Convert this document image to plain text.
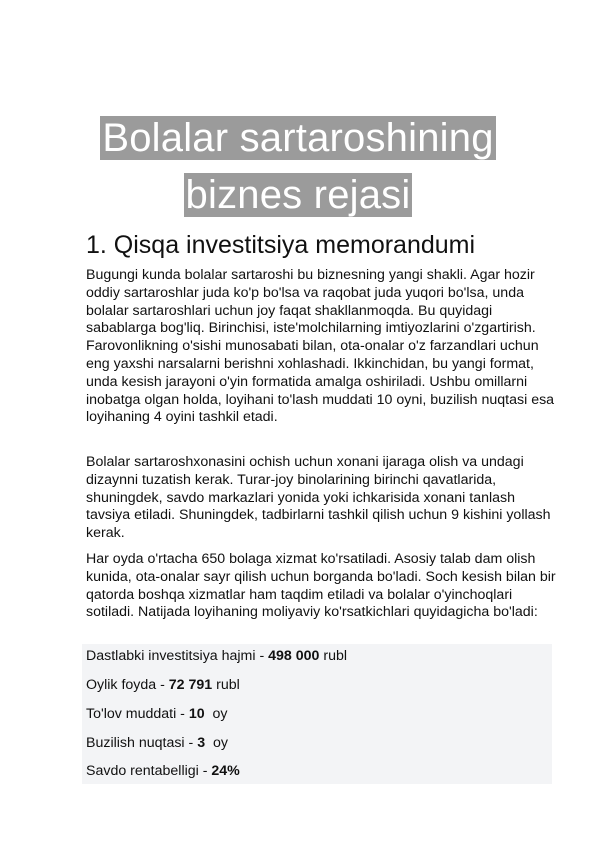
Bolalar sartaroshining
biznes rejasi
1. Qisqa investitsiya memorandumi

Bugungi kunda bolalar sartaroshi bu biznesning yangi shakli. Agar hozir oddiy sartaroshlar juda ko'p bo'lsa va raqobat juda yuqori bo'lsa, unda bolalar sartaroshlari uchun joy faqat shakllanmoqda. Bu quyidagi sabablarga bog'liq. Birinchisi, iste'molchilarning imtiyozlarini o'zgartirish. Farovonlikning o'sishi munosabati bilan, ota-onalar o'z farzandlari uchun eng yaxshi narsalarni berishni xohlashadi. Ikkinchidan, bu yangi format, unda kesish jarayoni o'yin formatida amalga oshiriladi. Ushbu omillarni inobatga olgan holda, loyihani to'lash muddati 10 oyni, buzilish nuqtasi esa loyihaning 4 oyini tashkil etadi.

Bolalar sartaroshxonasini ochish uchun xonani ijaraga olish va undagi dizaynni tuzatish kerak. Turar-joy binolarining birinchi qavatlarida, shuningdek, savdo markazlari yonida yoki ichkarisida xonani tanlash tavsiya etiladi. Shuningdek, tadbirlarni tashkil qilish uchun 9 kishini yollash kerak.

Har oyda o'rtacha 650 bolaga xizmat ko'rsatiladi. Asosiy talab dam olish kunida, ota-onalar sayr qilish uchun borganda bo'ladi. Soch kesish bilan bir qatorda boshqa xizmatlar ham taqdim etiladi va bolalar o'yinchoqlari sotiladi. Natijada loyihaning moliyaviy ko'rsatkichlari quyidagicha bo'ladi:

Dastlabki investitsiya hajmi - 498 000 rubl
Oylik foyda - 72 791 rubl
To'lov muddati - 10  oy
Buzilish nuqtasi - 3  oy
Savdo rentabelligi - 24%
